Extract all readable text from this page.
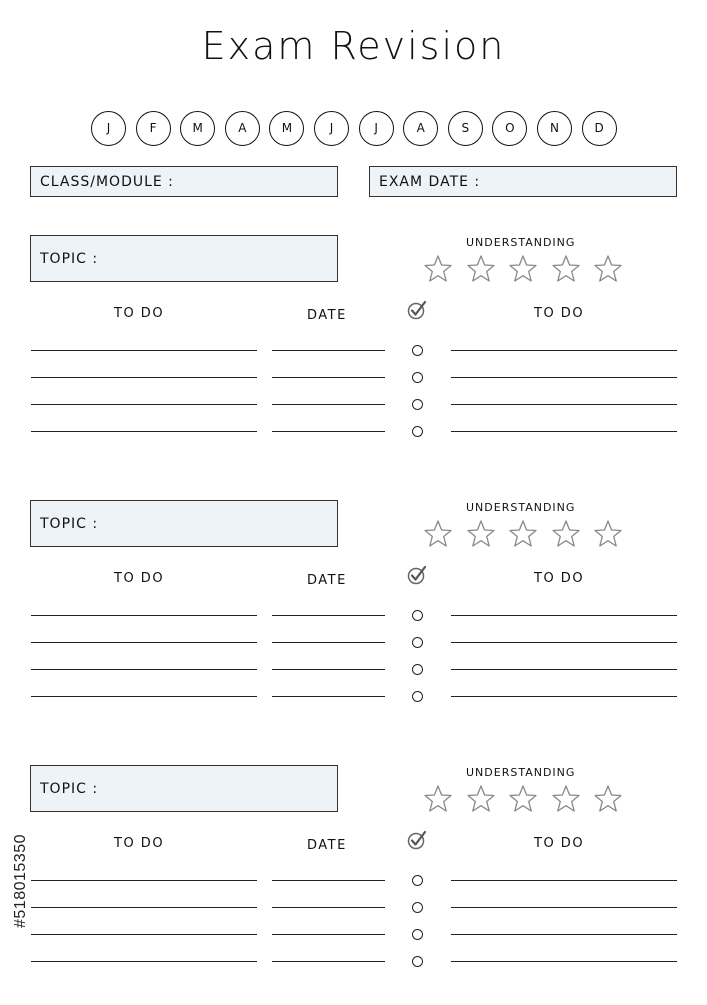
Exam Revision
J	F	M	A	M	J	J	A	S	O	N	D
CLASS/MODULE :	EXAM DATE :
TOPIC :
UNDERSTANDING
TO DO	DATE	TO DO
TOPIC :
UNDERSTANDING
TO DO	DATE	TO DO
TOPIC :
UNDERSTANDING
TO DO	DATE	TO DO
#518015350
